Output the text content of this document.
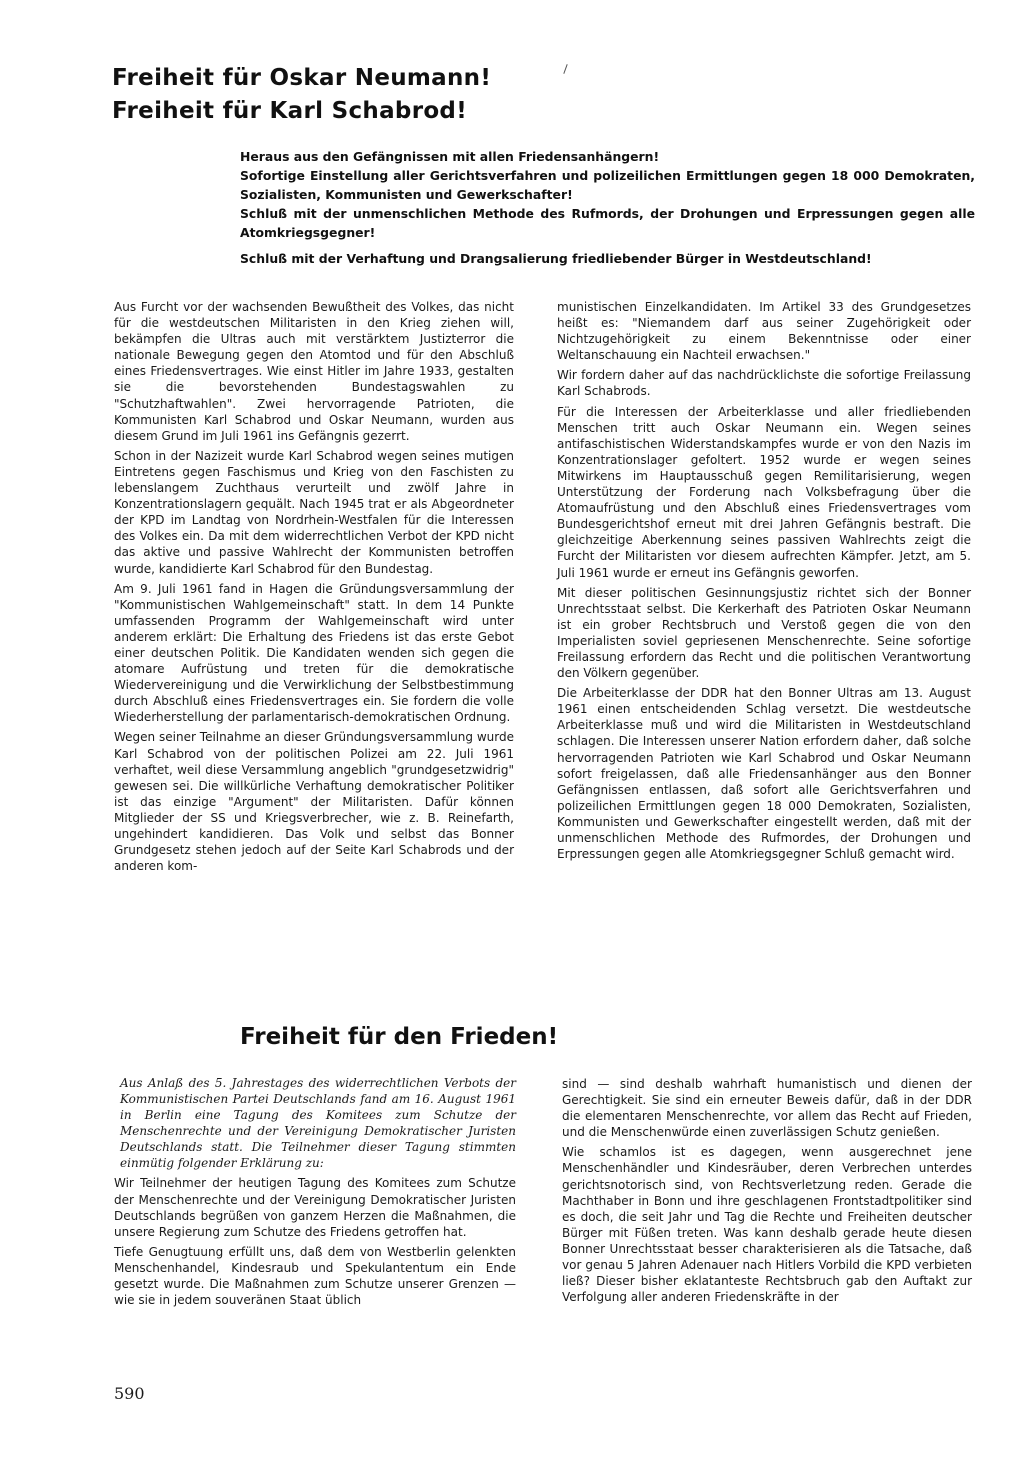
Freiheit für Oskar Neumann!
Freiheit für Karl Schabrod!
Heraus aus den Gefängnissen mit allen Friedensanhängern!
Sofortige Einstellung aller Gerichtsverfahren und polizeilichen Ermittlungen gegen 18 000 Demokraten, Sozialisten, Kommunisten und Gewerkschafter!
Schluß mit der unmenschlichen Methode des Rufmords, der Drohungen und Erpressungen gegen alle Atomkriegsgegner!
Schluß mit der Verhaftung und Drangsalierung friedliebender Bürger in Westdeutschland!

Aus Furcht vor der wachsenden Bewußtheit des Volkes, das nicht für die westdeutschen Militaristen in den Krieg ziehen will, bekämpfen die Ultras auch mit verstärktem Justizterror die nationale Bewegung gegen den Atomtod und für den Abschluß eines Friedensvertrages. Wie einst Hitler im Jahre 1933, gestalten sie die bevorstehenden Bundestagswahlen zu "Schutzhaftwahlen". Zwei hervorragende Patrioten, die Kommunisten Karl Schabrod und Oskar Neumann, wurden aus diesem Grund im Juli 1961 ins Gefängnis gezerrt.

Schon in der Nazizeit wurde Karl Schabrod wegen seines mutigen Eintretens gegen Faschismus und Krieg von den Faschisten zu lebenslangem Zuchthaus verurteilt und zwölf Jahre in Konzentrationslagern gequält. Nach 1945 trat er als Abgeordneter der KPD im Landtag von Nordrhein-Westfalen für die Interessen des Volkes ein. Da mit dem widerrechtlichen Verbot der KPD nicht das aktive und passive Wahlrecht der Kommunisten betroffen wurde, kandidierte Karl Schabrod für den Bundestag.

Am 9. Juli 1961 fand in Hagen die Gründungsversammlung der "Kommunistischen Wahlgemeinschaft" statt. In dem 14 Punkte umfassenden Programm der Wahlgemeinschaft wird unter anderem erklärt: Die Erhaltung des Friedens ist das erste Gebot einer deutschen Politik. Die Kandidaten wenden sich gegen die atomare Aufrüstung und treten für die demokratische Wiedervereinigung und die Verwirklichung der Selbstbestimmung durch Abschluß eines Friedensvertrages ein. Sie fordern die volle Wiederherstellung der parlamentarisch-demokratischen Ordnung.

Wegen seiner Teilnahme an dieser Gründungsversammlung wurde Karl Schabrod von der politischen Polizei am 22. Juli 1961 verhaftet, weil diese Versammlung angeblich "grundgesetzwidrig" gewesen sei. Die willkürliche Verhaftung demokratischer Politiker ist das einzige "Argument" der Militaristen. Dafür können Mitglieder der SS und Kriegsverbrecher, wie z. B. Reinefarth, ungehindert kandidieren. Das Volk und selbst das Bonner Grundgesetz stehen jedoch auf der Seite Karl Schabrods und der anderen kom-

munistischen Einzelkandidaten. Im Artikel 33 des Grundgesetzes heißt es: "Niemandem darf aus seiner Zugehörigkeit oder Nichtzugehörigkeit zu einem Bekenntnisse oder einer Weltanschauung ein Nachteil erwachsen."

Wir fordern daher auf das nachdrücklichste die sofortige Freilassung Karl Schabrods.

Für die Interessen der Arbeiterklasse und aller friedliebenden Menschen tritt auch Oskar Neumann ein. Wegen seines antifaschistischen Widerstandskampfes wurde er von den Nazis im Konzentrationslager gefoltert. 1952 wurde er wegen seines Mitwirkens im Hauptausschuß gegen Remilitarisierung, wegen Unterstützung der Forderung nach Volksbefragung über die Atomaufrüstung und den Abschluß eines Friedensvertrages vom Bundesgerichtshof erneut mit drei Jahren Gefängnis bestraft. Die gleichzeitige Aberkennung seines passiven Wahlrechts zeigt die Furcht der Militaristen vor diesem aufrechten Kämpfer. Jetzt, am 5. Juli 1961 wurde er erneut ins Gefängnis geworfen.

Mit dieser politischen Gesinnungsjustiz richtet sich der Bonner Unrechtsstaat selbst. Die Kerkerhaft des Patrioten Oskar Neumann ist ein grober Rechtsbruch und Verstoß gegen die von den Imperialisten soviel gepriesenen Menschenrechte. Seine sofortige Freilassung erfordern das Recht und die politischen Verantwortung den Völkern gegenüber.

Die Arbeiterklasse der DDR hat den Bonner Ultras am 13. August 1961 einen entscheidenden Schlag versetzt. Die westdeutsche Arbeiterklasse muß und wird die Militaristen in Westdeutschland schlagen. Die Interessen unserer Nation erfordern daher, daß solche hervorragenden Patrioten wie Karl Schabrod und Oskar Neumann sofort freigelassen, daß alle Friedensanhänger aus den Bonner Gefängnissen entlassen, daß sofort alle Gerichtsverfahren und polizeilichen Ermittlungen gegen 18 000 Demokraten, Sozialisten, Kommunisten und Gewerkschafter eingestellt werden, daß mit der unmenschlichen Methode des Rufmordes, der Drohungen und Erpressungen gegen alle Atomkriegsgegner Schluß gemacht wird.

Freiheit für den Frieden!

Aus Anlaß des 5. Jahrestages des widerrechtlichen Verbots der Kommunistischen Partei Deutschlands fand am 16. August 1961 in Berlin eine Tagung des Komitees zum Schutze der Menschenrechte und der Vereinigung Demokratischer Juristen Deutschlands statt. Die Teilnehmer dieser Tagung stimmten einmütig folgender Erklärung zu:

Wir Teilnehmer der heutigen Tagung des Komitees zum Schutze der Menschenrechte und der Vereinigung Demokratischer Juristen Deutschlands begrüßen von ganzem Herzen die Maßnahmen, die unsere Regierung zum Schutze des Friedens getroffen hat.

Tiefe Genugtuung erfüllt uns, daß dem von Westberlin gelenkten Menschenhandel, Kindesraub und Spekulantentum ein Ende gesetzt wurde. Die Maßnahmen zum Schutze unserer Grenzen — wie sie in jedem souveränen Staat üblich

sind — sind deshalb wahrhaft humanistisch und dienen der Gerechtigkeit. Sie sind ein erneuter Beweis dafür, daß in der DDR die elementaren Menschenrechte, vor allem das Recht auf Frieden, und die Menschenwürde einen zuverlässigen Schutz genießen.

Wie schamlos ist es dagegen, wenn ausgerechnet jene Menschenhändler und Kindesräuber, deren Verbrechen unterdes gerichtsnotorisch sind, von Rechtsverletzung reden. Gerade die Machthaber in Bonn und ihre geschlagenen Frontstadtpolitiker sind es doch, die seit Jahr und Tag die Rechte und Freiheiten deutscher Bürger mit Füßen treten. Was kann deshalb gerade heute diesen Bonner Unrechtsstaat besser charakterisieren als die Tatsache, daß vor genau 5 Jahren Adenauer nach Hitlers Vorbild die KPD verbieten ließ? Dieser bisher eklatanteste Rechtsbruch gab den Auftakt zur Verfolgung aller anderen Friedenskräfte in der

590
